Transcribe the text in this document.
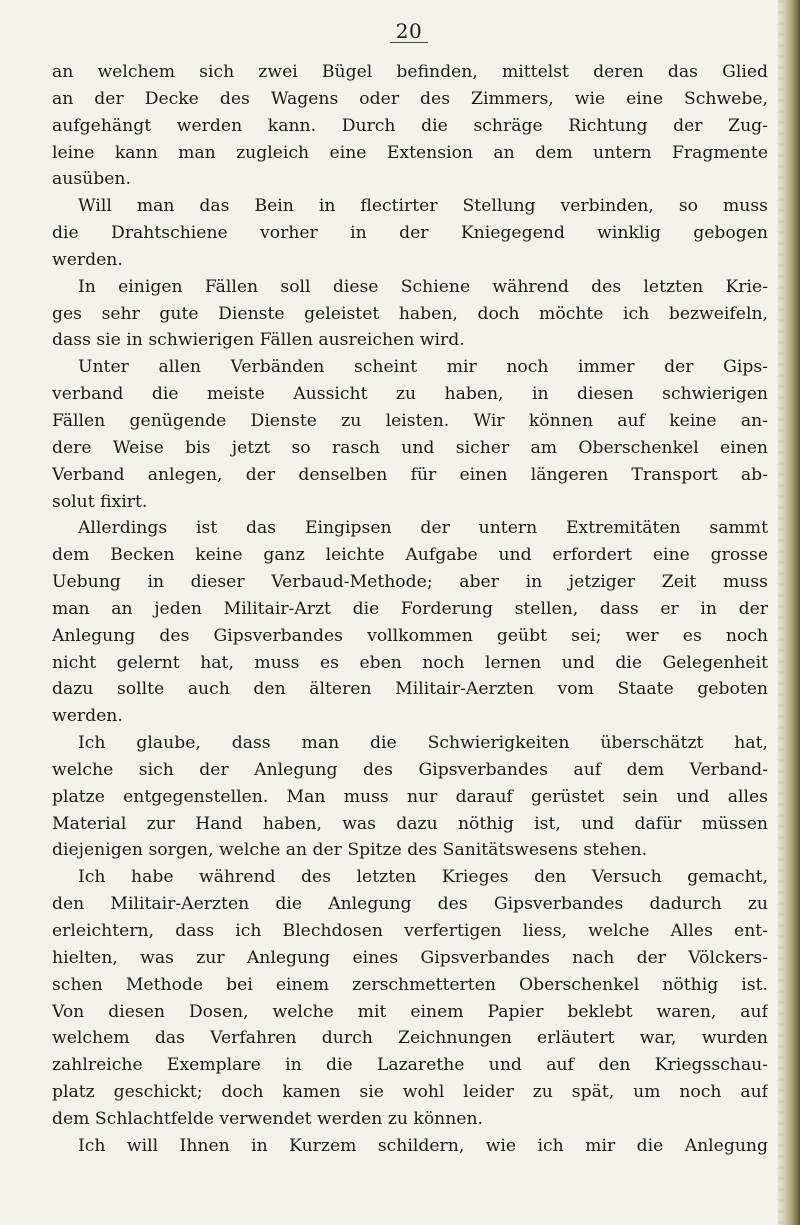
20
an welchem sich zwei Bügel befinden, mittelst deren das Glied
an der Decke des Wagens oder des Zimmers, wie eine Schwebe,
aufgehängt werden kann. Durch die schräge Richtung der Zug-
leine kann man zugleich eine Extension an dem untern Fragmente
ausüben.
Will man das Bein in flectirter Stellung verbinden, so muss
die Drahtschiene vorher in der Kniegegend winklig gebogen
werden.
In einigen Fällen soll diese Schiene während des letzten Krie-
ges sehr gute Dienste geleistet haben, doch möchte ich bezweifeln,
dass sie in schwierigen Fällen ausreichen wird.
Unter allen Verbänden scheint mir noch immer der Gips-
verband die meiste Aussicht zu haben, in diesen schwierigen
Fällen genügende Dienste zu leisten. Wir können auf keine an-
dere Weise bis jetzt so rasch und sicher am Oberschenkel einen
Verband anlegen, der denselben für einen längeren Transport ab-
solut fixirt.
Allerdings ist das Eingipsen der untern Extremitäten sammt
dem Becken keine ganz leichte Aufgabe und erfordert eine grosse
Uebung in dieser Verbaud-Methode; aber in jetziger Zeit muss
man an jeden Militair-Arzt die Forderung stellen, dass er in der
Anlegung des Gipsverbandes vollkommen geübt sei; wer es noch
nicht gelernt hat, muss es eben noch lernen und die Gelegenheit
dazu sollte auch den älteren Militair-Aerzten vom Staate geboten
werden.
Ich glaube, dass man die Schwierigkeiten überschätzt hat,
welche sich der Anlegung des Gipsverbandes auf dem Verband-
platze entgegenstellen. Man muss nur darauf gerüstet sein und alles
Material zur Hand haben, was dazu nöthig ist, und dafür müssen
diejenigen sorgen, welche an der Spitze des Sanitätswesens stehen.
Ich habe während des letzten Krieges den Versuch gemacht,
den Militair-Aerzten die Anlegung des Gipsverbandes dadurch zu
erleichtern, dass ich Blechdosen verfertigen liess, welche Alles ent-
hielten, was zur Anlegung eines Gipsverbandes nach der Völckers-
schen Methode bei einem zerschmetterten Oberschenkel nöthig ist.
Von diesen Dosen, welche mit einem Papier beklebt waren, auf
welchem das Verfahren durch Zeichnungen erläutert war, wurden
zahlreiche Exemplare in die Lazarethe und auf den Kriegsschau-
platz geschickt; doch kamen sie wohl leider zu spät, um noch auf
dem Schlachtfelde verwendet werden zu können.
Ich will Ihnen in Kurzem schildern, wie ich mir die Anlegung
